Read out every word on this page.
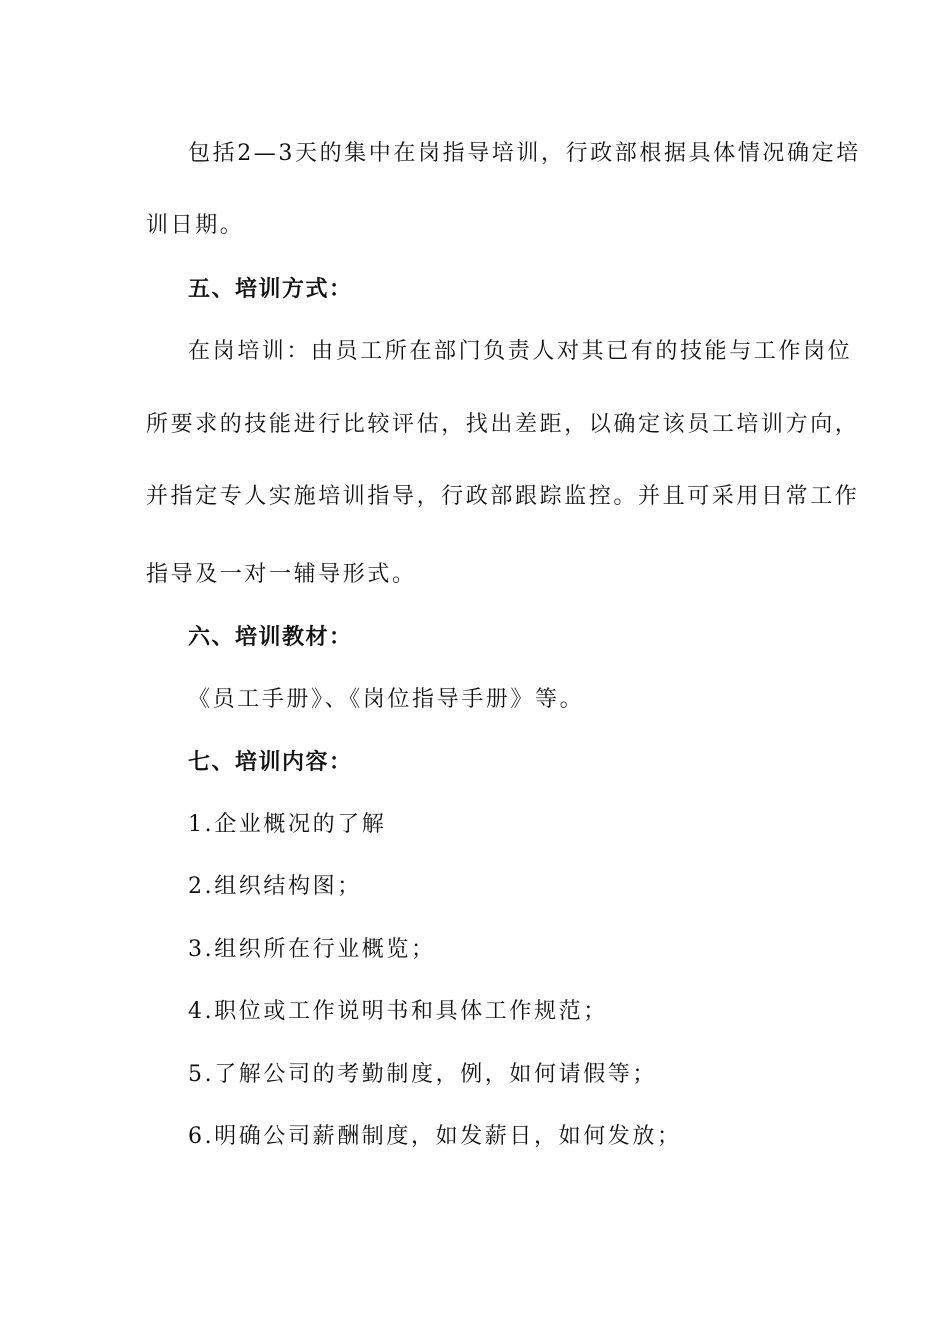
包括2—3天的集中在岗指导培训，行政部根据具体情况确定培
训日期。
五、培训方式：
在岗培训：由员工所在部门负责人对其已有的技能与工作岗位
所要求的技能进行比较评估，找出差距，以确定该员工培训方向，
并指定专人实施培训指导，行政部跟踪监控。并且可采用日常工作
指导及一对一辅导形式。
六、培训教材：
《员工手册》、《岗位指导手册》等。
七、培训内容：
1.企业概况的了解
2.组织结构图；
3.组织所在行业概览；
4.职位或工作说明书和具体工作规范；
5.了解公司的考勤制度，例，如何请假等；
6.明确公司薪酬制度，如发薪日，如何发放；
